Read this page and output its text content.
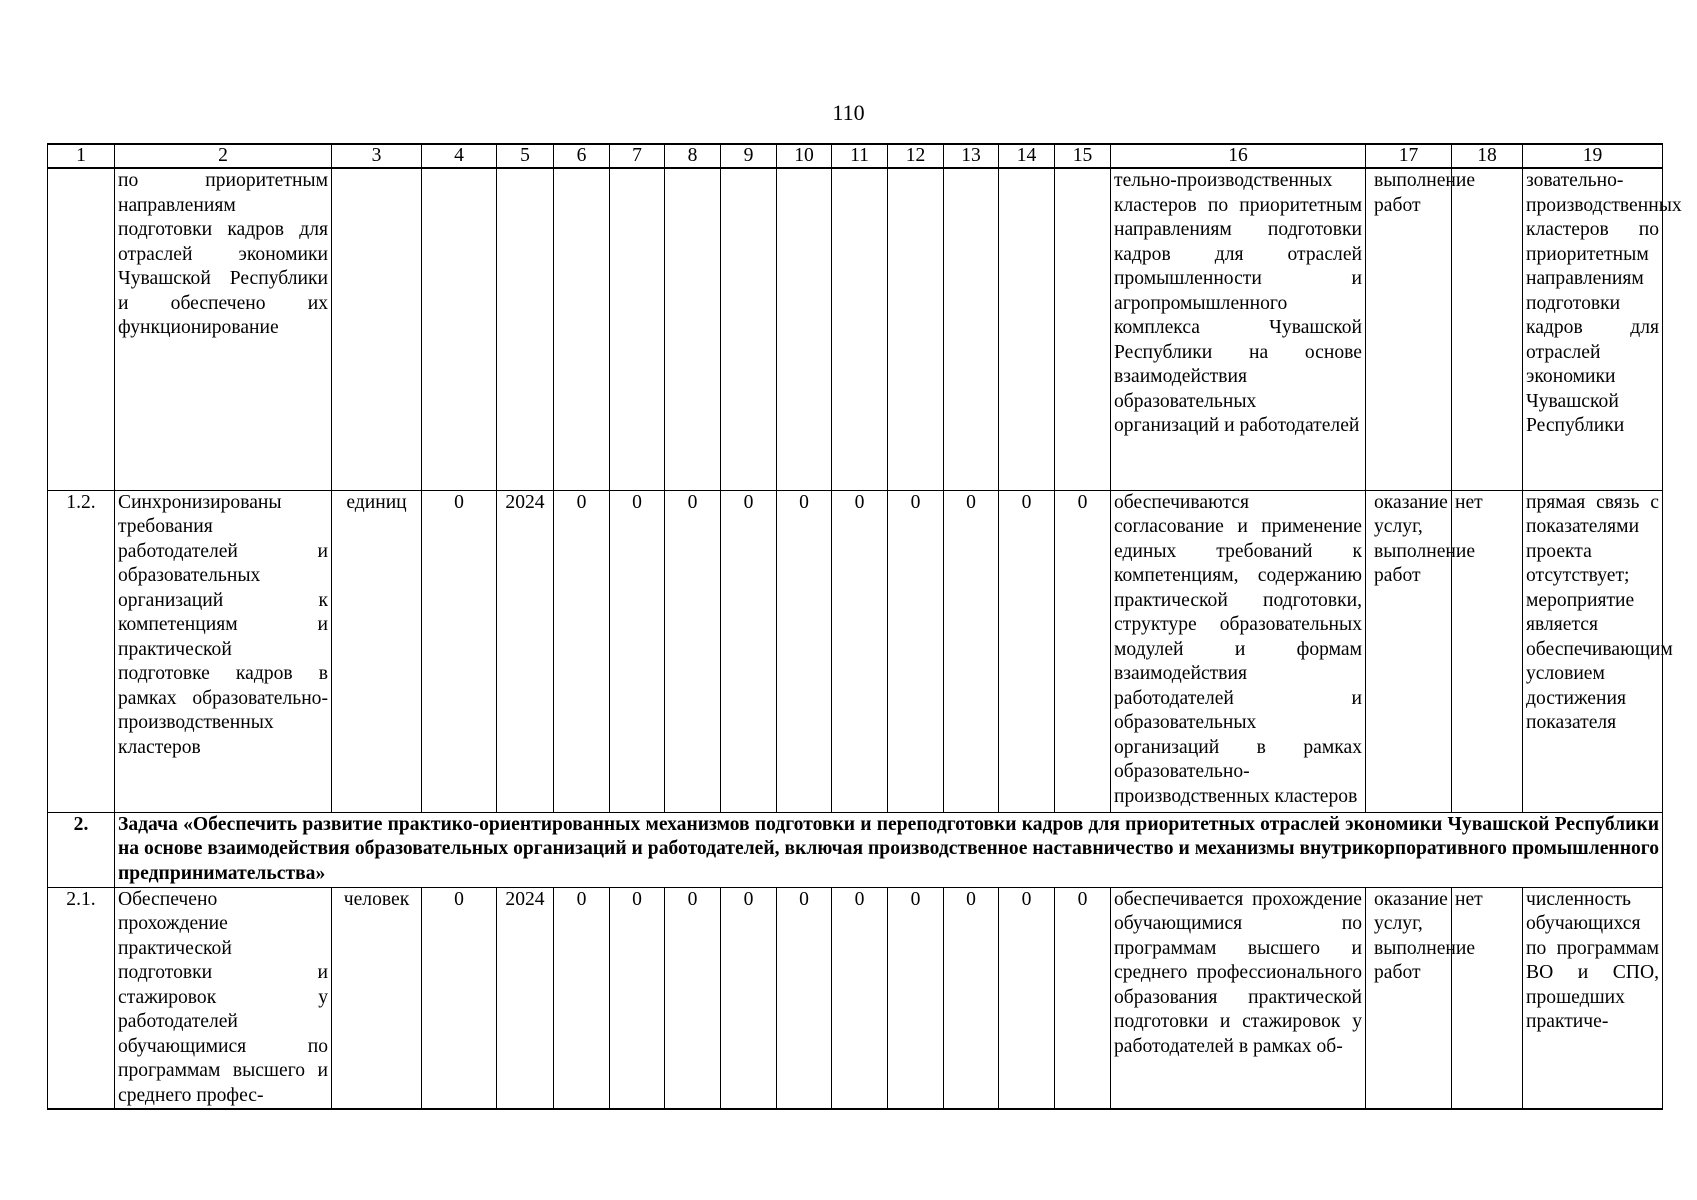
110
1	2	3	4	5	6	7	8	9	10	11	12	13	14	15	16	17	18	19
	по приоритетным направлениям подготовки кадров для отраслей экономики Чувашской Республики и обеспечено их функционирование														тельно-производственных кластеров по приоритетным направлениям подготовки кадров для отраслей промышленности и агропромышленного комплекса Чувашской Республики на основе взаимодействия образовательных организаций и работодателей	выполнение работ		зовательно-производственных кластеров по приоритетным направлениям подготовки кадров для отраслей экономики Чувашской Республики
1.2.	Синхронизированы требования работодателей и образовательных организаций к компетенциям и практической подготовке кадров в рамках образовательно-производственных кластеров	единиц	0	2024	0	0	0	0	0	0	0	0	0	0	обеспечиваются согласование и применение единых требований к компетенциям, содержанию практической подготовки, структуре образовательных модулей и формам взаимодействия работодателей и образовательных организаций в рамках образовательно-производственных кластеров	оказание услуг, выполнение работ	нет	прямая связь с показателями проекта отсутствует; мероприятие является обеспечивающим условием достижения показателя
2.	Задача «Обеспечить развитие практико-ориентированных механизмов подготовки и переподготовки кадров для приоритетных отраслей экономики Чувашской Республики на основе взаимодействия образовательных организаций и работодателей, включая производственное наставничество и механизмы внутрикорпоративного промышленного предпринимательства»																	
2.1.	Обеспечено прохождение практической подготовки и стажировок у работодателей обучающимися по программам высшего и среднего профес-	человек	0	2024	0	0	0	0	0	0	0	0	0	0	обеспечивается прохождение обучающимися по программам высшего и среднего профессионального образования практической подготовки и стажировок у работодателей в рамках об-	оказание услуг, выполнение работ	нет	численность обучающихся по программам ВО и СПО, прошедших практиче-
